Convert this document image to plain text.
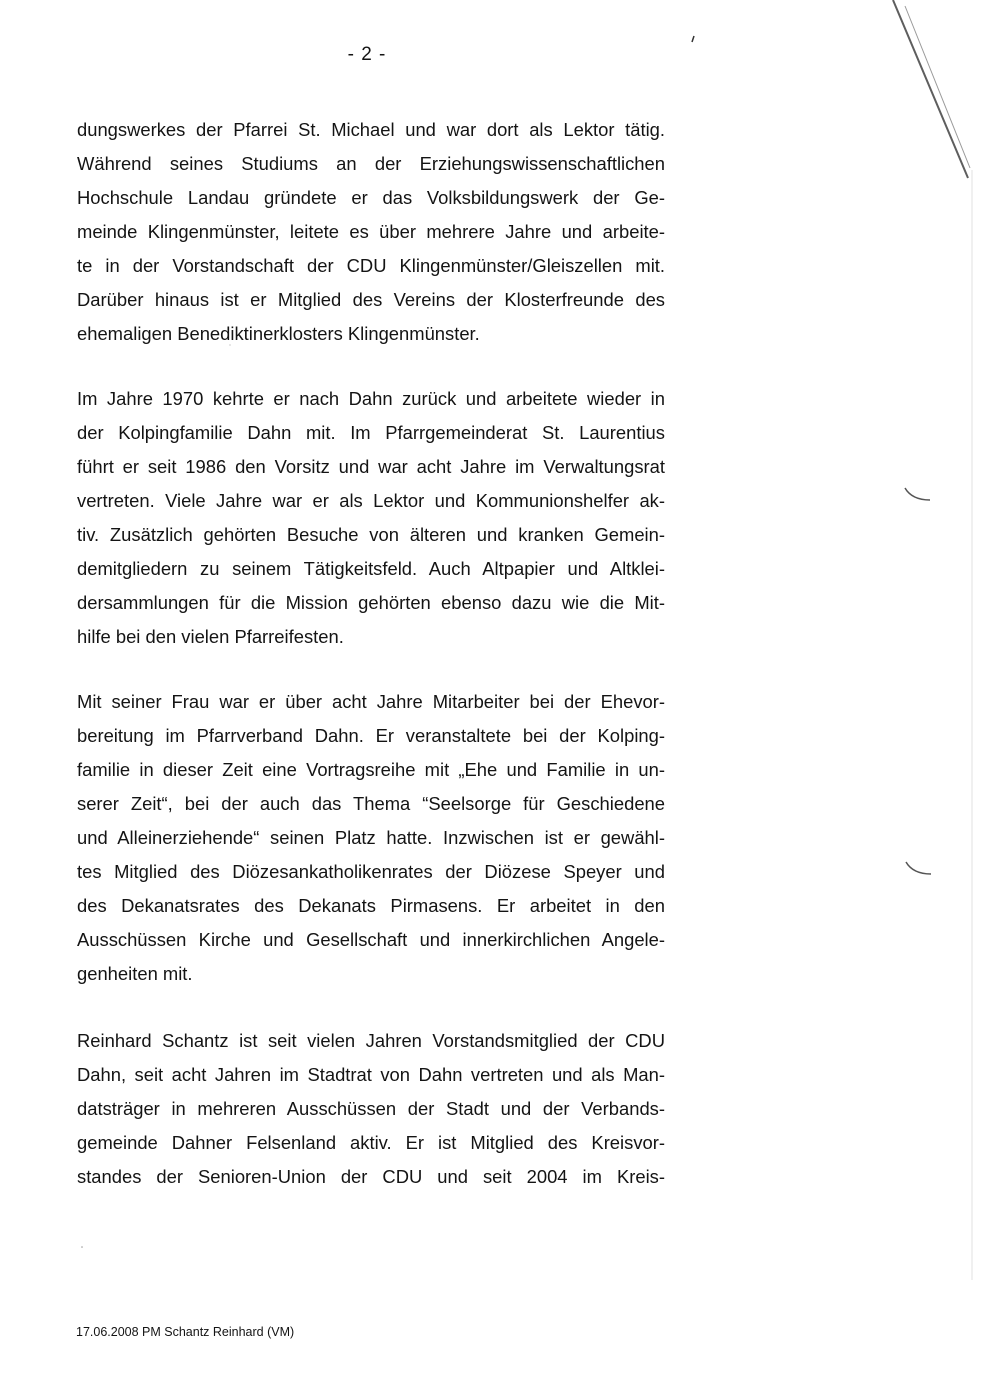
- 2 -
dungswerkes der Pfarrei St. Michael und war dort als Lektor tätig.
Während seines Studiums an der Erziehungswissenschaftlichen
Hochschule Landau gründete er das Volksbildungswerk der Ge-
meinde Klingenmünster, leitete es über mehrere Jahre und arbeite-
te in der Vorstandschaft der CDU Klingenmünster/Gleiszellen mit.
Darüber hinaus ist er Mitglied des Vereins der Klosterfreunde des
ehemaligen Benediktinerklosters Klingenmünster.
Im Jahre 1970 kehrte er nach Dahn zurück und arbeitete wieder in
der Kolpingfamilie Dahn mit. Im Pfarrgemeinderat St. Laurentius
führt er seit 1986 den Vorsitz und war acht Jahre im Verwaltungsrat
vertreten. Viele Jahre war er als Lektor und Kommunionshelfer ak-
tiv. Zusätzlich gehörten Besuche von älteren und kranken Gemein-
demitgliedern zu seinem Tätigkeitsfeld. Auch Altpapier und Altklei-
dersammlungen für die Mission gehörten ebenso dazu wie die Mit-
hilfe bei den vielen Pfarreifesten.
Mit seiner Frau war er über acht Jahre Mitarbeiter bei der Ehevor-
bereitung im Pfarrverband Dahn. Er veranstaltete bei der Kolping-
familie in dieser Zeit eine Vortragsreihe mit „Ehe und Familie in un-
serer Zeit“, bei der auch das Thema “Seelsorge für Geschiedene
und Alleinerziehende“ seinen Platz hatte. Inzwischen ist er gewähl-
tes Mitglied des Diözesankatholikenrates der Diözese Speyer und
des Dekanatsrates des Dekanats Pirmasens. Er arbeitet in den
Ausschüssen Kirche und Gesellschaft und innerkirchlichen Angele-
genheiten mit.
Reinhard Schantz ist seit vielen Jahren Vorstandsmitglied der CDU
Dahn, seit acht Jahren im Stadtrat von Dahn vertreten und als Man-
datsträger in mehreren Ausschüssen der Stadt und der Verbands-
gemeinde Dahner Felsenland aktiv. Er ist Mitglied des Kreisvor-
standes der Senioren-Union der CDU und seit 2004 im Kreis-
17.06.2008 PM Schantz Reinhard (VM)
